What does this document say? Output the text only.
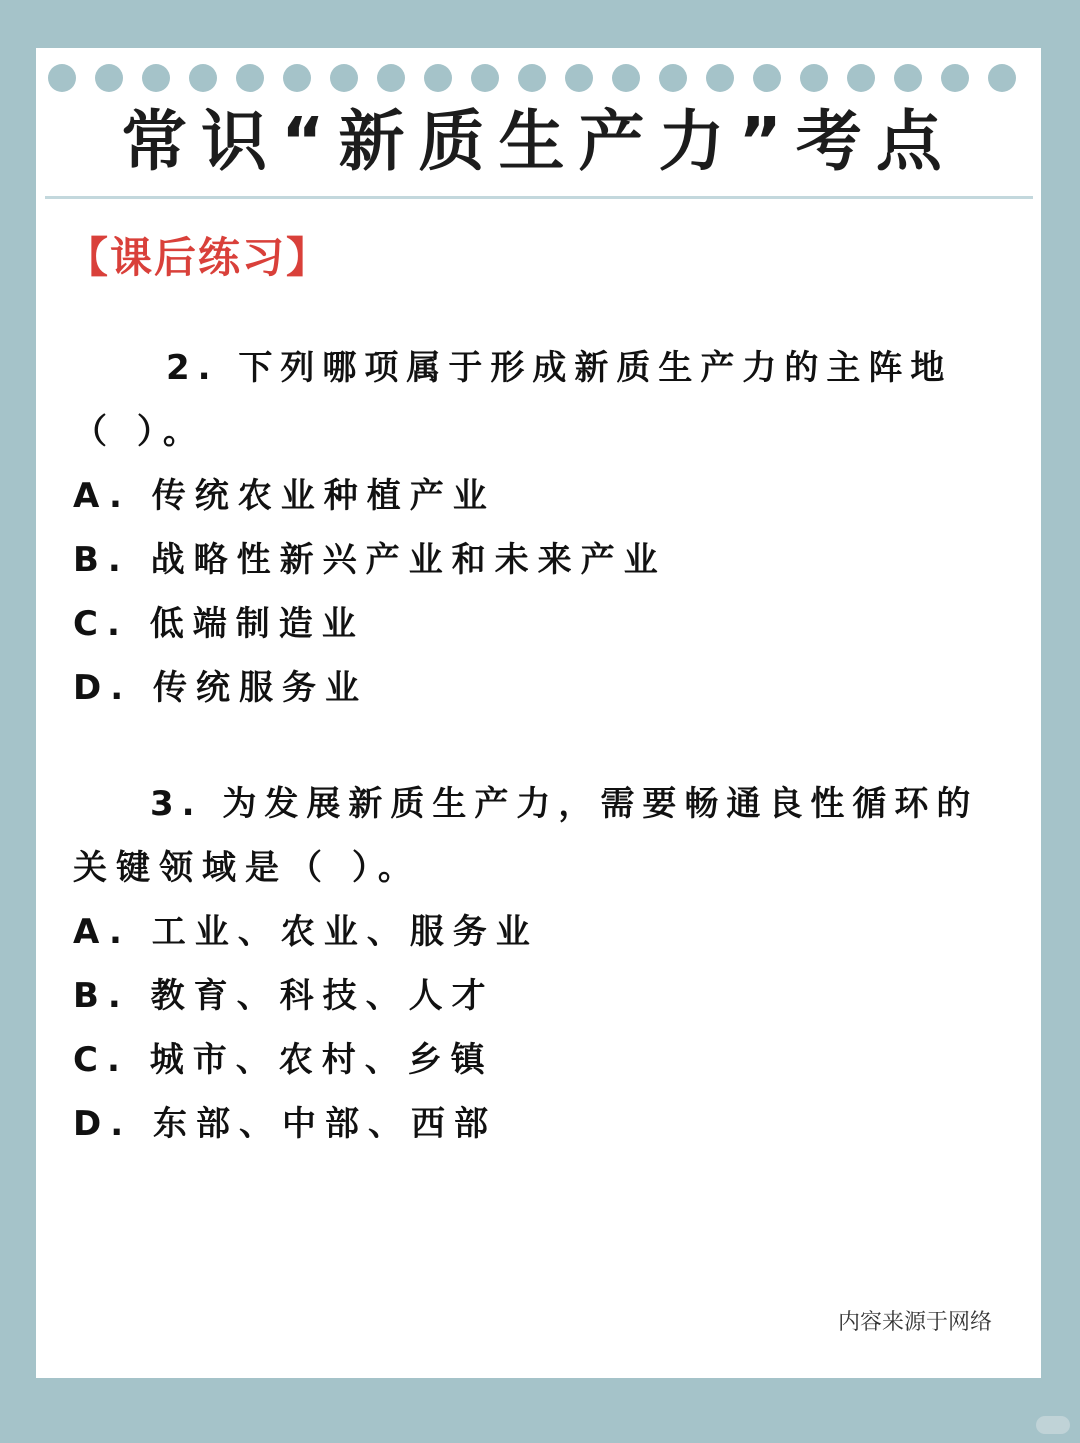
常识“新质生产力”考点
【课后练习】
2. 下列哪项属于形成新质生产力的主阵地
（ ）。
A. 传统农业种植产业
B. 战略性新兴产业和未来产业
C. 低端制造业
D. 传统服务业
3. 为发展新质生产力，需要畅通良性循环的
关键领域是（ ）。
A. 工业、农业、服务业
B. 教育、科技、人才
C. 城市、农村、乡镇
D. 东部、中部、西部
内容来源于网络
